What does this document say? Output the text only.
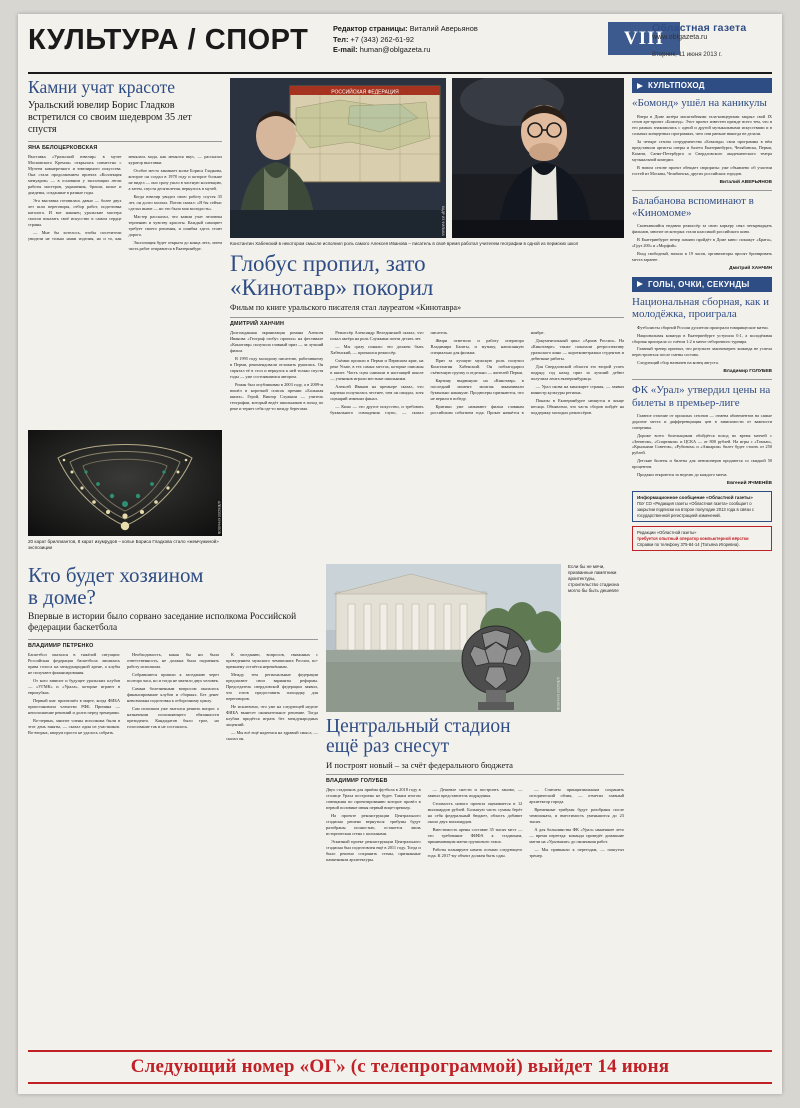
КУЛЬТУРА / СПОРТ	Редактор страницы: Виталий Аверьянов
Тел: +7 (343) 262-61-92
E-mail: human@oblgazeta.ru
VIII
Областная газета
www.oblgazeta.ru
Вторник, 11 июня 2013 г.
Камни учат красоте
Уральский ювелир Борис Гладков встретился со своим шедевром 35 лет спустя
ЯНА БЕЛОЦЕРКОВСКАЯ

Выставка «Уральский ювелир» в музее Московского Кремля» открылась совместно с Музеем камнерезного и ювелирного искусства. Она стала продолжением проекта «Коллекция мемуаров» — в основном у экспозиции легли работы мастеров, украшения, броши, колье и диадемы, созданные в разные годы.

Эта выставка готовилась давно — более двух лет шли переговоры, отбор работ, подготовка каталога. И вот наконец уральские мастера смогли показать своё искусство в самом сердце страны.

— Мне бы хотелось, чтобы посетители увидели не только наши изделия, но и то, как менялась мода, как менялся вкус, — рассказал куратор выставки.

Особое место занимает колье Бориса Гладкова, которое он создал в 1978 году и которое больше не видел — оно сразу ушло в частную коллекцию, а затем, спустя десятилетия, вернулось в музей.

Когда ювелир увидел свою работу спустя 35 лет, он долго молчал. Потом сказал: «Я бы сейчас сделал иначе — но это была моя молодость».

Мастер рассказал, что камни учат человека терпению и чувству красоты. Каждый самоцвет требует своего решения, и ошибка здесь стоит дорого.

Экспозиция будет открыта до конца лета, затем часть работ отправится в Екатеринбург.

АЛЕКСЕЙ КУНИЛОВ
20 карат бриллиантов, 8 карат изумрудов – колье Бориса Гладкова стало «жемчужиной» экспозиции
РОССИЙСКАЯ ФЕДЕРАЦИЯ
КАДР ИЗ ФИЛЬМА
Константин Хабенский в некотором смысле исполнил роль самого Алексея Иванова – писатель в своё время работал учителем географии в одной из пермских школ
Глобус пропил, зато
«Кинотавр» покорил
Фильм по книге уральского писателя стал лауреатом «Кинотавра»
ДМИТРИЙ ХАНЧИН

Долгожданная экранизация романа Алексея Иванова «Географ глобус пропил» на фестивале «Кинотавр» получила главный приз — за лучший фильм.

В 1995 году молодому писателю, работавшему в Перми, рекомендовали отложить рукопись. Он спрятал её в стол и вернулся к ней только спустя годы — уже состоявшимся автором.

Роман был опубликован в 2003 году, а в 2009-м вошёл в короткий список премии «Большая книга». Герой, Виктор Служкин — учитель географии, который ведёт школьников в поход по реке и теряет себя где-то между берегами.

Режиссёр Александр Велединский сказал, что искал актёра на роль Служкина почти десять лет.

— Мы сразу поняли: это должен быть Хабенский, — признался режиссёр.

Съёмки прошли в Перми и Пермском крае, на реке Усьве, в тех самых местах, которые описаны в книге. Часть сцен снимали в настоящей школе — учеников играли местные школьники.

Алексей Иванов на премьере сказал, что картина получилась честнее, чем он ожидал, хотя сценарий изменил финал.

— Кино — это другое искусство, и требовать буквального совпадения глупо, — сказал писатель.

Жюри отметило и работу оператора Владимира Башты, и музыку, написанную специально для фильма.

Приз за лучшую мужскую роль получил Константин Хабенский. Он поблагодарил съёмочную группу и отдельно — жителей Перми.

Картину выдвинули на «Кинотавр» в последний момент: монтаж заканчивали буквально накануне. Продюсеры признаются, что не верили в победу.

Критики уже называют фильм главным российским событием года. Прокат начнётся в ноябре.

Документальный цикл «Архив России». На «Кинотавре» также показали ретроспективу уральского кино — короткометражки студентов и дебютные работы.

Для Свердловской области это второй успех подряд: год назад приз за лучший дебют получила лента екатеринбуржца.

— Урал снова на кинокарте страны, — заявил министр культуры региона.

Показы в Екатеринбурге начнутся в конце месяца. Объявлено, что часть сборов пойдёт на поддержку молодых режиссёров.

Кто будет хозяином
в доме?
Впервые в истории было сорвано заседание исполкома Российской федерации баскетбола
ВЛАДИМИР ПЕТРЕНКО

Баскетбол оказался в тяжёлой ситуации: Российская федерация баскетбола лишилась права голоса на международной арене, а клубы не получают финансирования.

От кого зависит и будущее уральских клубов — «УГМК» и «Урала», которые играют в еврокубках.

Первый шаг произошёл в марте, когда ФИБА приостановила членство РФБ. Причина — неисполнение решений и долги перед тренерами.

Во-первых, многие члены исполкома были в этот день заняты, — сказал один из участников. Во-вторых, кворум просто не удалось собрать.

Необходимость, какая бы ни была ответственность, не должна была подменять работу исполкома.

Собравшиеся пришли к заседанию через полтора часа, но и тогда не хватило двух человек.

Самым болезненным вопросом оказалось финансирование клубов и сборных. Без денег невозможна подготовка к отборочному циклу.

Сам исполком уже пытался решить вопрос о назначении исполняющего обязанности президента. Кандидатов было трое, но голосование так и не состоялось.

К заседанию, вопросов, связанных с проведением мужского чемпионата России, по-прежнему остаётся нерешённым.

Между тем региональные федерации предлагают свои варианты реформы. Председатель свердловской федерации заявил, что готов предоставить площадку для переговоров.

Не исключено, что уже на следующей неделе ФИБА вынесет окончательное решение. Тогда клубам придётся играть без международных лицензий.

— Мы всё ещё надеемся на здравый смысл, — сказал он.

АЛЕКСЕЙ КУНИЛОВ
Если бы не мячи, призванные памятники архитектуры, строительство стадиона могло бы быть дешевле
Центральный стадион
ещё раз снесут
И построят новый – за счёт федерального бюджета
ВЛАДИМИР ГОЛУБЕВ

Двух стадионов для приёма футбола в 2018 году в столице Урала построено не будет. Таким итогом совещания по проектированию которое провёл в первой половине июня первый вице-премьер.

На проекте реконструкции Центрального стадиона решено вернуться: трибуны будут разобраны полностью, останется лишь историческая стена с колоннами.

Эскизный проект реконструкции Центрального стадиона был подготовлен ещё в 2011 году. Тогда и было решено сохранить стены, признанные памятником архитектуры.

— Дешевле снести и построить заново, — заявил представитель подрядчика.

Стоимость нового проекта оценивается в 12 миллиардов рублей. Большую часть суммы берёт на себя федеральный бюджет, область добавит около двух миллиардов.

Вместимость арены составит 35 тысяч мест — это требование ФИФА к стадионам, принимающим матчи группового этапа.

Работы планируют начать осенью следующего года. К 2017-му объект должен быть сдан.

— Считаем принципиальным сохранить исторический облик, — отметил главный архитектор города.

Временные трибуны будут разобраны после чемпионата, и вместимость уменьшится до 23 тысяч.

А для большинства ФК «Урал» нынешнее лето — время переезда: команда проведёт домашние матчи на «Уралмаше» до окончания работ.

— Мы привыкли к переездам, — пошутил тренер.

КУЛЬТПОХОД
«Бомонд» ушёл на каникулы

Вчера в Доме актёра масштабными гала-концертами закрыл свой IX сезон арт-проект «Бомонд». Этот проект известен прежде всего тем, что в его рамках знакомились с одной и другой музыкальными искусствами и в сольных концертных программах, чего они раньше никогда не делали.

За четыре сезона сотрудничества «Бомонда» свои программы в нём представили артисты оперы и балета Екатеринбурга, Челябинска, Перми, Казани, Санкт-Петербурга и Свердловского академического театра музыкальной комедии.

В новом сезоне проект обещает сюрпризы: уже объявлено об участии гостей из Москвы, Челябинска, других российских городов.

Виталий АВЕРЬЯНОВ
Балабанова вспоминают в «Киномоме»

Скончавшийся недавно режиссёр за свою карьеру снял четырнадцать фильмов, многие из которых стали классикой российского кино.

В Екатеринбурге вечер памяти пройдёт в Доме кино: покажут «Брата», «Груз 200» и «Морфий».

Вход свободный, начало в 19 часов, организаторы просят бронировать места заранее.

Дмитрий ХАНЧИН
ГОЛЫ, ОЧКИ, СЕКУНДЫ
Национальная сборная, как и молодёжка, проиграла

Футболисты сборной России дуплетом проиграли товарищеские матчи.

Национальная команда в Екатеринбурге уступила 0:1, а молодёжная сборная проиграла со счётом 1:2 в матче отборочного турнира.

Главный тренер признал, что результат закономерен: команда не успела перестроиться после смены состава.

Следующий сбор назначен на конец августа.

Владимир ГОЛУБЕВ
ФК «Урал» утвердил цены на билеты в премьер-лиге

Главное отличие от прошлых сезонов — отмена абонементов на самые дорогие места и дифференциация цен в зависимости от важности соперника.

Дороже всего болельщикам обойдётся поход во время матчей с «Зенитом», «Спартаком» и ЦСКА — от 800 рублей. На игры с «Томью», «Крыльями Советов», «Рубином» и «Амкаром» билет будет стоить от 250 рублей.

Детские билеты и билеты для пенсионеров продаются со скидкой 50 процентов.

Продажи откроются за неделю до каждого матча.

Евгений ЯЧМЕНЁВ
Информационное сообщение «Областной газеты»
ГБУ СО «Редакция газеты «Областная газета» сообщает о закрытии подписки на второе полугодие 2013 года в связи с государственной регистрацией изменений.
Редакции «Областной газеты»
требуется опытный оператор компьютерной вёрстки
Справки по телефону 375-84-14 (Татьяна Игоревна).
Следующий номер «ОГ» (с телепрограммой) выйдет 14 июня
